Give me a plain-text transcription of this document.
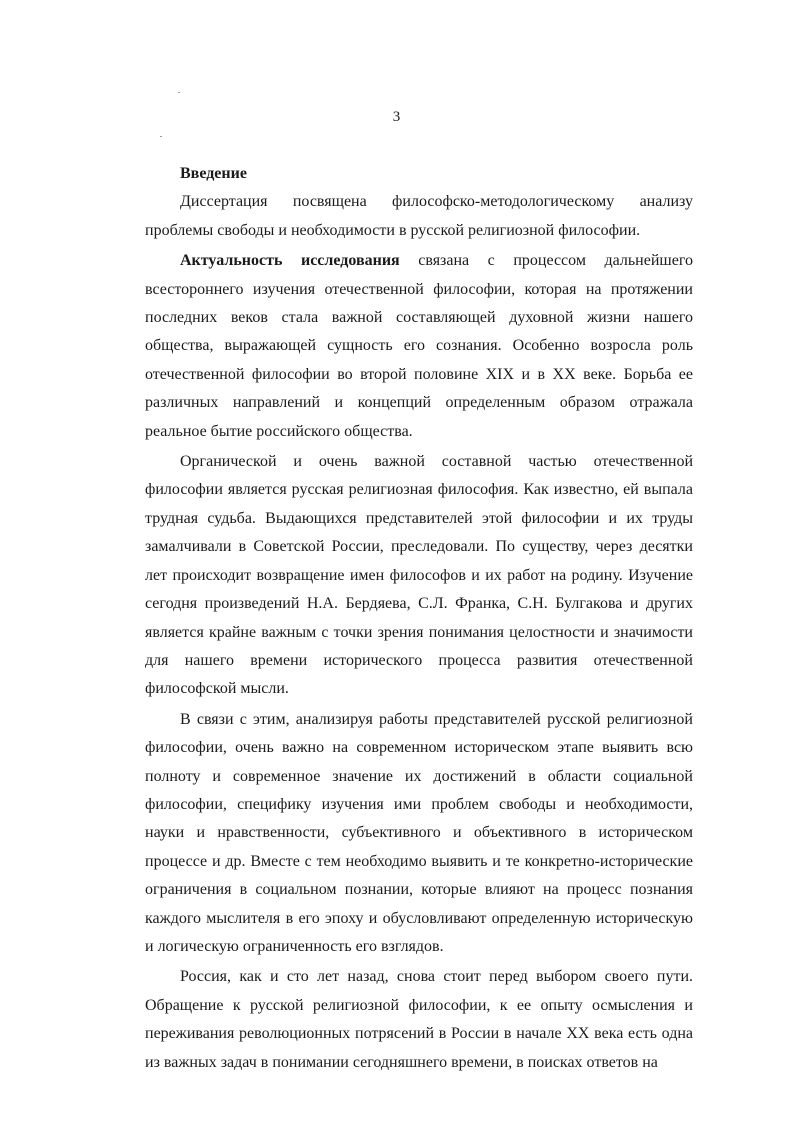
3
Введение

Диссертация посвящена философско-методологическому анализу проблемы свободы и необходимости в русской религиозной философии.

Актуальность исследования связана с процессом дальнейшего всестороннего изучения отечественной философии, которая на протяжении последних веков стала важной составляющей духовной жизни нашего общества, выражающей сущность его сознания. Особенно возросла роль отечественной философии во второй половине XIX и в XX веке. Борьба ее различных направлений и концепций определенным образом отражала реальное бытие российского общества.

Органической и очень важной составной частью отечественной философии является русская религиозная философия. Как известно, ей выпала трудная судьба. Выдающихся представителей этой философии и их труды замалчивали в Советской России, преследовали. По существу, через десятки лет происходит возвращение имен философов и их работ на родину. Изучение сегодня произведений Н.А. Бердяева, С.Л. Франка, С.Н. Булгакова и других является крайне важным с точки зрения понимания целостности и значимости для нашего времени исторического процесса развития отечественной философской мысли.

В связи с этим, анализируя работы представителей русской религиозной философии, очень важно на современном историческом этапе выявить всю полноту и современное значение их достижений в области социальной философии, специфику изучения ими проблем свободы и необходимости, науки и нравственности, субъективного и объективного в историческом процессе и др. Вместе с тем необходимо выявить и те конкретно-исторические ограничения в социальном познании, которые влияют на процесс познания каждого мыслителя в его эпоху и обусловливают определенную историческую и логическую ограниченность его взглядов.

Россия, как и сто лет назад, снова стоит перед выбором своего пути. Обращение к русской религиозной философии, к ее опыту осмысления и переживания революционных потрясений в России в начале XX века есть одна из важных задач в понимании сегодняшнего времени, в поисках ответов на
